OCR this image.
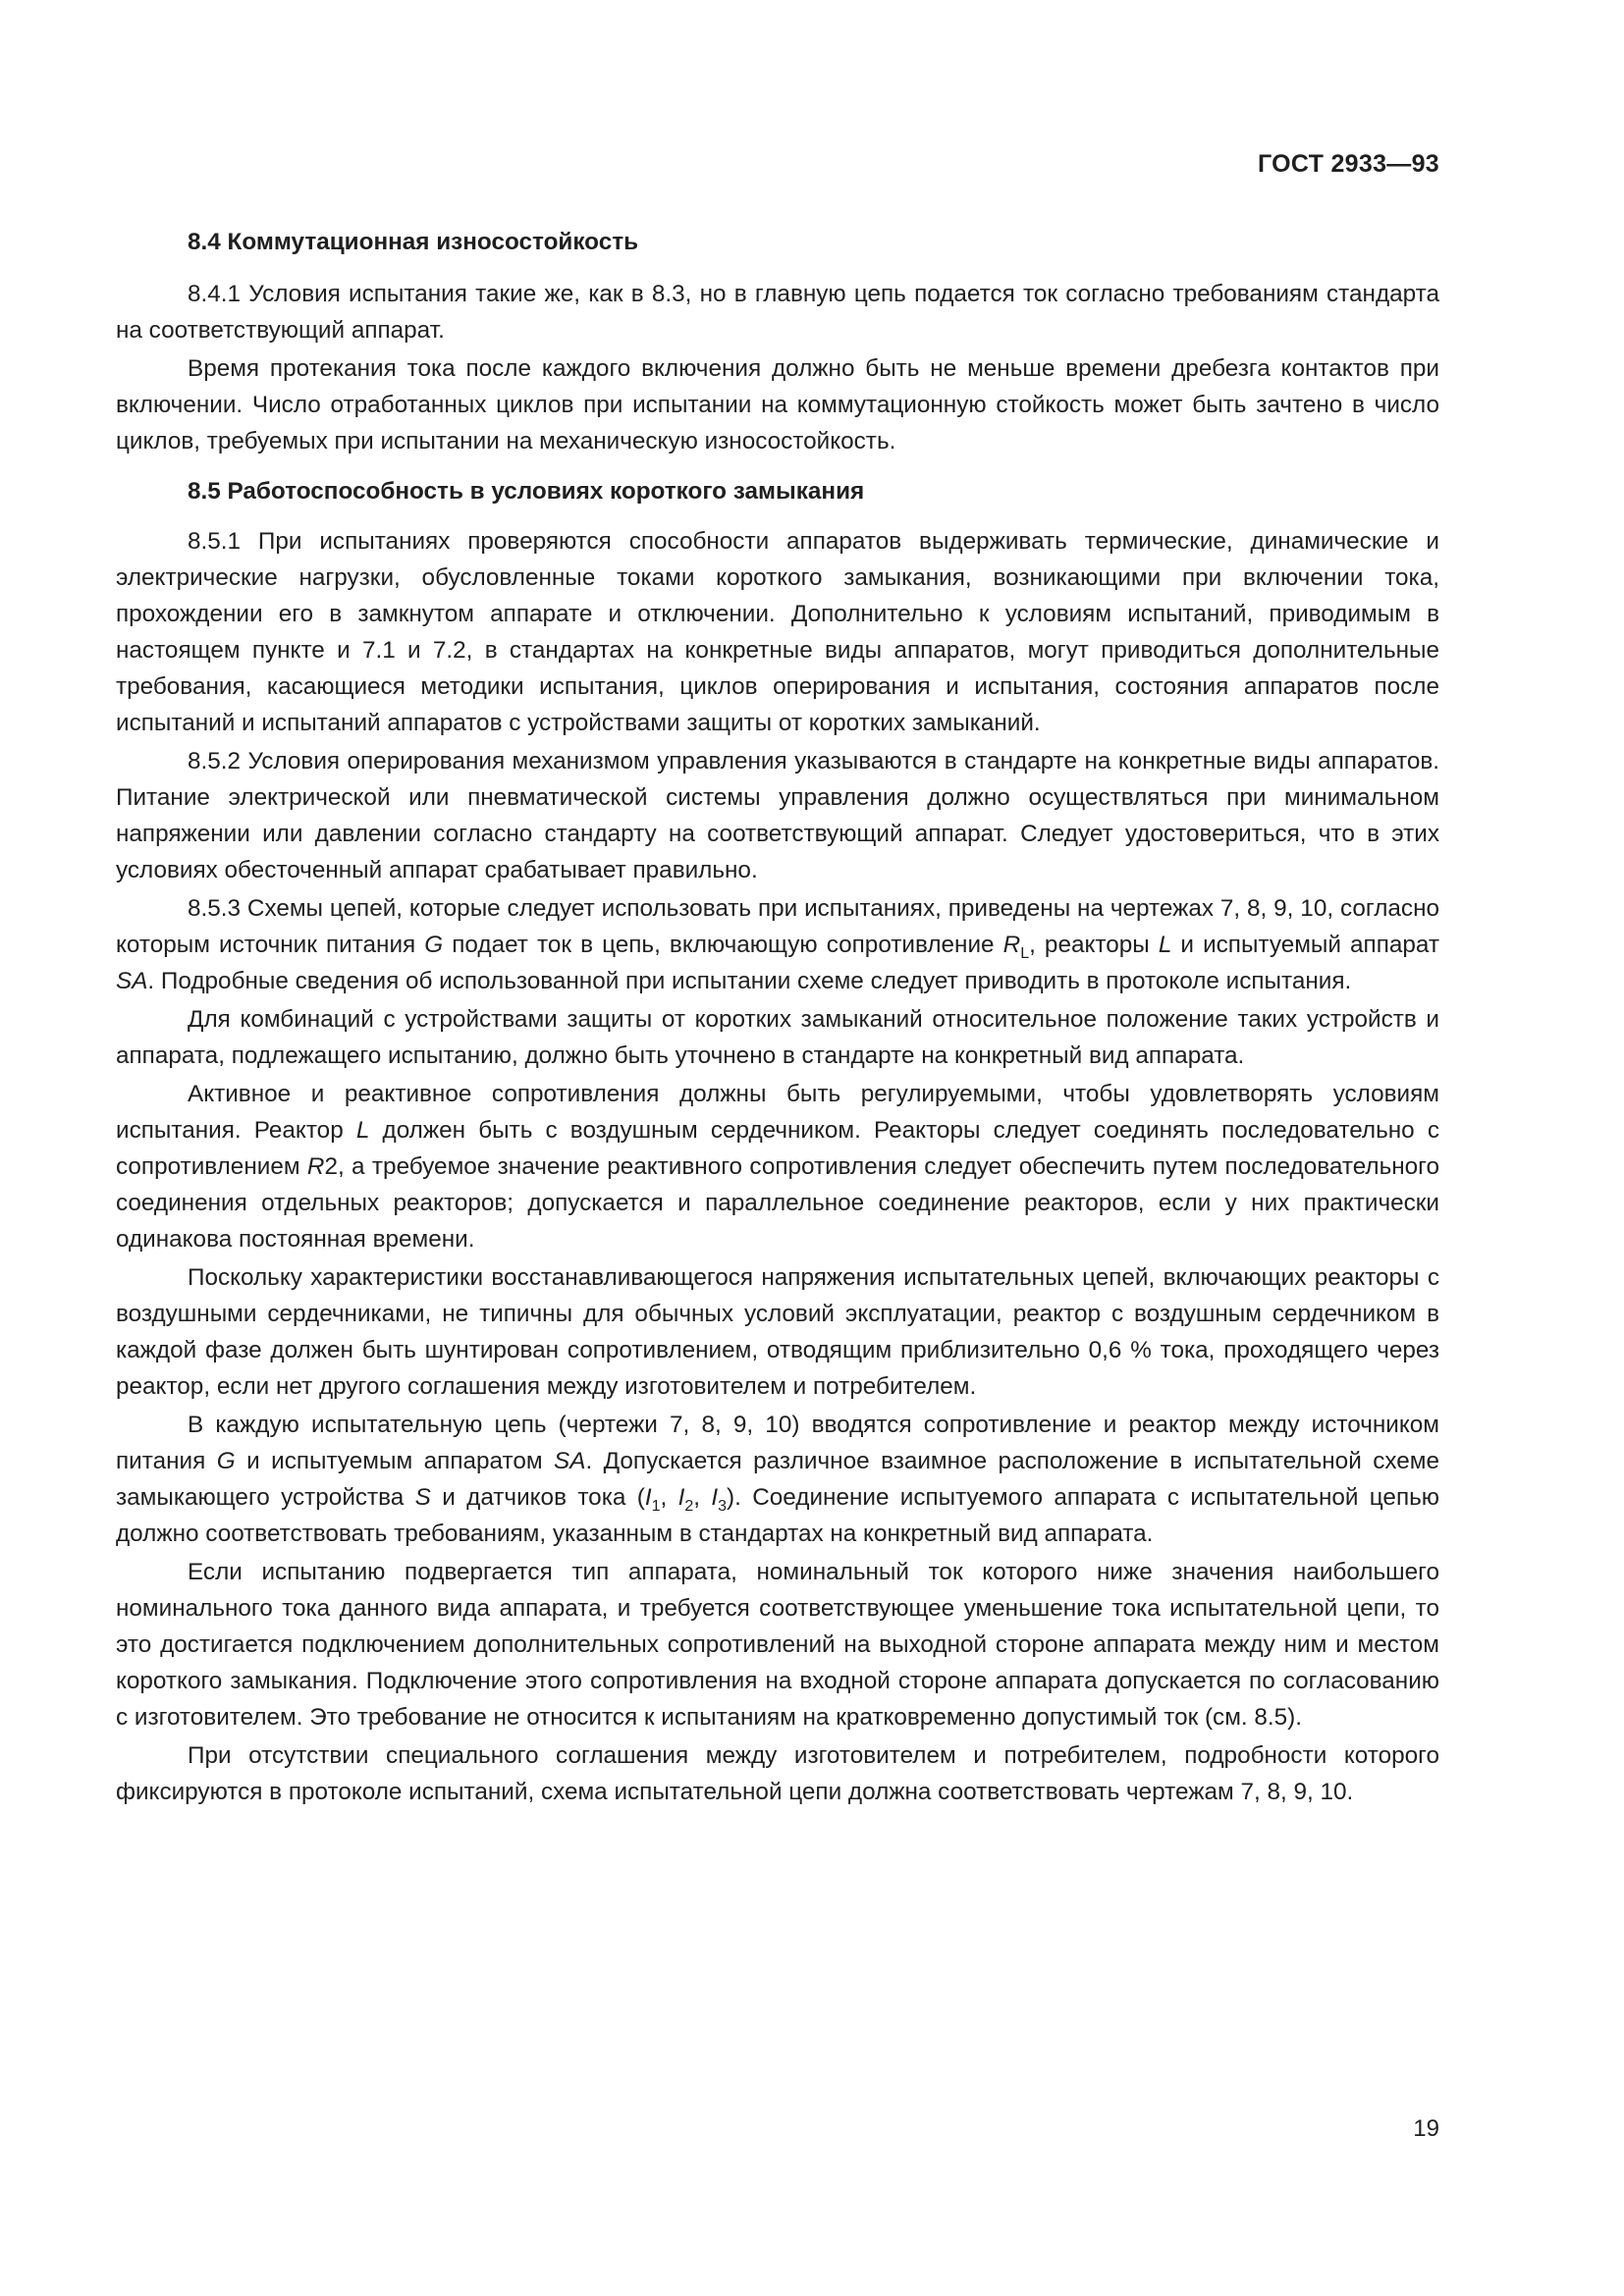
ГОСТ 2933—93

8.4 Коммутационная износостойкость

8.4.1 Условия испытания такие же, как в 8.3, но в главную цепь подается ток согласно требованиям стандарта на соответствующий аппарат.

Время протекания тока после каждого включения должно быть не меньше времени дребезга контактов при включении. Число отработанных циклов при испытании на коммутационную стойкость может быть зачтено в число циклов, требуемых при испытании на механическую износостойкость.

8.5 Работоспособность в условиях короткого замыкания

8.5.1 При испытаниях проверяются способности аппаратов выдерживать термические, динамические и электрические нагрузки, обусловленные токами короткого замыкания, возникающими при включении тока, прохождении его в замкнутом аппарате и отключении. Дополнительно к условиям испытаний, приводимым в настоящем пункте и 7.1 и 7.2, в стандартах на конкретные виды аппаратов, могут приводиться дополнительные требования, касающиеся методики испытания, циклов оперирования и испытания, состояния аппаратов после испытаний и испытаний аппаратов с устройствами защиты от коротких замыканий.

8.5.2 Условия оперирования механизмом управления указываются в стандарте на конкретные виды аппаратов. Питание электрической или пневматической системы управления должно осуществляться при минимальном напряжении или давлении согласно стандарту на соответствующий аппарат. Следует удостовериться, что в этих условиях обесточенный аппарат срабатывает правильно.

8.5.3 Схемы цепей, которые следует использовать при испытаниях, приведены на чертежах 7, 8, 9, 10, согласно которым источник питания G подает ток в цепь, включающую сопротивление $R_L$, реакторы L и испытуемый аппарат SA. Подробные сведения об использованной при испытании схеме следует приводить в протоколе испытания.

Для комбинаций с устройствами защиты от коротких замыканий относительное положение таких устройств и аппарата, подлежащего испытанию, должно быть уточнено в стандарте на конкретный вид аппарата.

Активное и реактивное сопротивления должны быть регулируемыми, чтобы удовлетворять условиям испытания. Реактор L должен быть с воздушным сердечником. Реакторы следует соединять последовательно с сопротивлением R2, а требуемое значение реактивного сопротивления следует обеспечить путем последовательного соединения отдельных реакторов; допускается и параллельное соединение реакторов, если у них практически одинакова постоянная времени.

Поскольку характеристики восстанавливающегося напряжения испытательных цепей, включающих реакторы с воздушными сердечниками, не типичны для обычных условий эксплуатации, реактор с воздушным сердечником в каждой фазе должен быть шунтирован сопротивлением, отводящим приблизительно 0,6 % тока, проходящего через реактор, если нет другого соглашения между изготовителем и потребителем.

В каждую испытательную цепь (чертежи 7, 8, 9, 10) вводятся сопротивление и реактор между источником питания G и испытуемым аппаратом SA. Допускается различное взаимное расположение в испытательной схеме замыкающего устройства S и датчиков тока ($I_1$, $I_2$, $I_3$). Соединение испытуемого аппарата с испытательной цепью должно соответствовать требованиям, указанным в стандартах на конкретный вид аппарата.

Если испытанию подвергается тип аппарата, номинальный ток которого ниже значения наибольшего номинального тока данного вида аппарата, и требуется соответствующее уменьшение тока испытательной цепи, то это достигается подключением дополнительных сопротивлений на выходной стороне аппарата между ним и местом короткого замыкания. Подключение этого сопротивления на входной стороне аппарата допускается по согласованию с изготовителем. Это требование не относится к испытаниям на кратковременно допустимый ток (см. 8.5).

При отсутствии специального соглашения между изготовителем и потребителем, подробности которого фиксируются в протоколе испытаний, схема испытательной цепи должна соответствовать чертежам 7, 8, 9, 10.

19
